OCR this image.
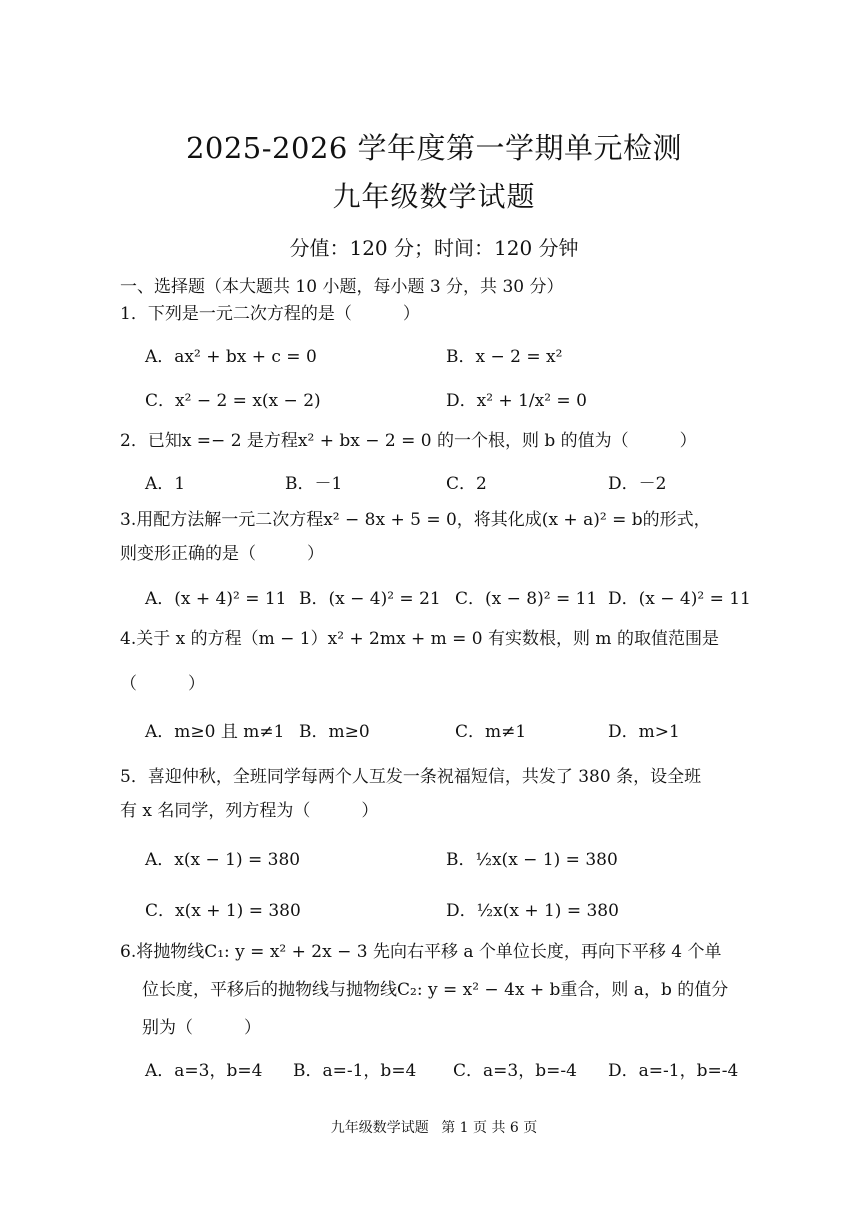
2025-2026 学年度第一学期单元检测
九年级数学试题
分值：120 分；时间：120 分钟
一、选择题（本大题共 10 小题，每小题 3 分，共 30 分）
1．下列是一元二次方程的是（　　　）
A．ax² + bx + c = 0	B．x − 2 = x²
C．x² − 2 = x(x − 2)	D．x² + 1/x² = 0
2．已知x =− 2 是方程x² + bx − 2 = 0 的一个根，则 b 的值为（　　　）
A．1	B．－1	C．2	D．－2
3.用配方法解一元二次方程x² − 8x + 5 = 0，将其化成(x + a)² = b的形式，
则变形正确的是（　　　）
A．(x + 4)² = 11 B．(x − 4)² = 21 C．(x − 8)² = 11 D．(x − 4)² = 11
4.关于 x 的方程（m − 1）x² + 2mx + m = 0 有实数根，则 m 的取值范围是
（　　　）
A．m≥0 且 m≠1 B．m≥0	C．m≠1	D．m>1
5．喜迎仲秋，全班同学每两个人互发一条祝福短信，共发了 380 条，设全班
有 x 名同学，列方程为（　　　）
A．x(x − 1) = 380	B．½x(x − 1) = 380
C．x(x + 1) = 380	D．½x(x + 1) = 380
6.将抛物线C₁: y = x² + 2x − 3 先向右平移 a 个单位长度，再向下平移 4 个单
位长度，平移后的抛物线与抛物线C₂: y = x² − 4x + b重合，则 a，b 的值分
别为（　　　）
A．a=3，b=4 B．a=-1，b=4 C．a=3，b=-4 D．a=-1，b=-4
九年级数学试题 第 1 页 共 6 页
